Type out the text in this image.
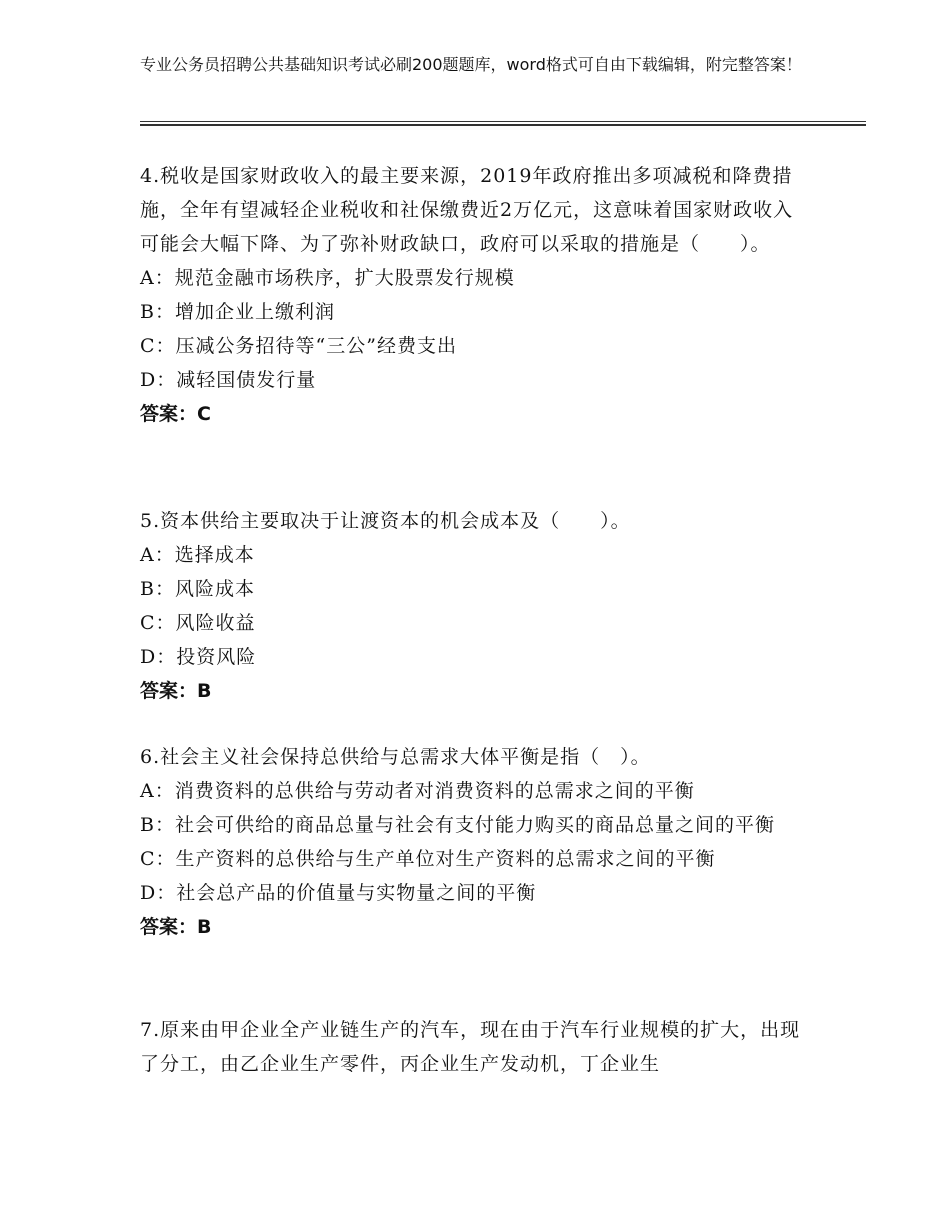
专业公务员招聘公共基础知识考试必刷200题题库，word格式可自由下载编辑，附完整答案！

4.税收是国家财政收入的最主要来源，2019年政府推出多项减税和降费措施，全年有望减轻企业税收和社保缴费近2万亿元，这意味着国家财政收入可能会大幅下降、为了弥补财政缺口，政府可以采取的措施是（　　）。

A：规范金融市场秩序，扩大股票发行规模

B：增加企业上缴利润

C：压减公务招待等“三公”经费支出

D：减轻国债发行量

答案：C

5.资本供给主要取决于让渡资本的机会成本及（　　）。

A：选择成本

B：风险成本

C：风险收益

D：投资风险

答案：B

6.社会主义社会保持总供给与总需求大体平衡是指（　）。

A：消费资料的总供给与劳动者对消费资料的总需求之间的平衡

B：社会可供给的商品总量与社会有支付能力购买的商品总量之间的平衡

C：生产资料的总供给与生产单位对生产资料的总需求之间的平衡

D：社会总产品的价值量与实物量之间的平衡

答案：B

7.原来由甲企业全产业链生产的汽车，现在由于汽车行业规模的扩大，出现了分工，由乙企业生产零件，丙企业生产发动机，丁企业生
